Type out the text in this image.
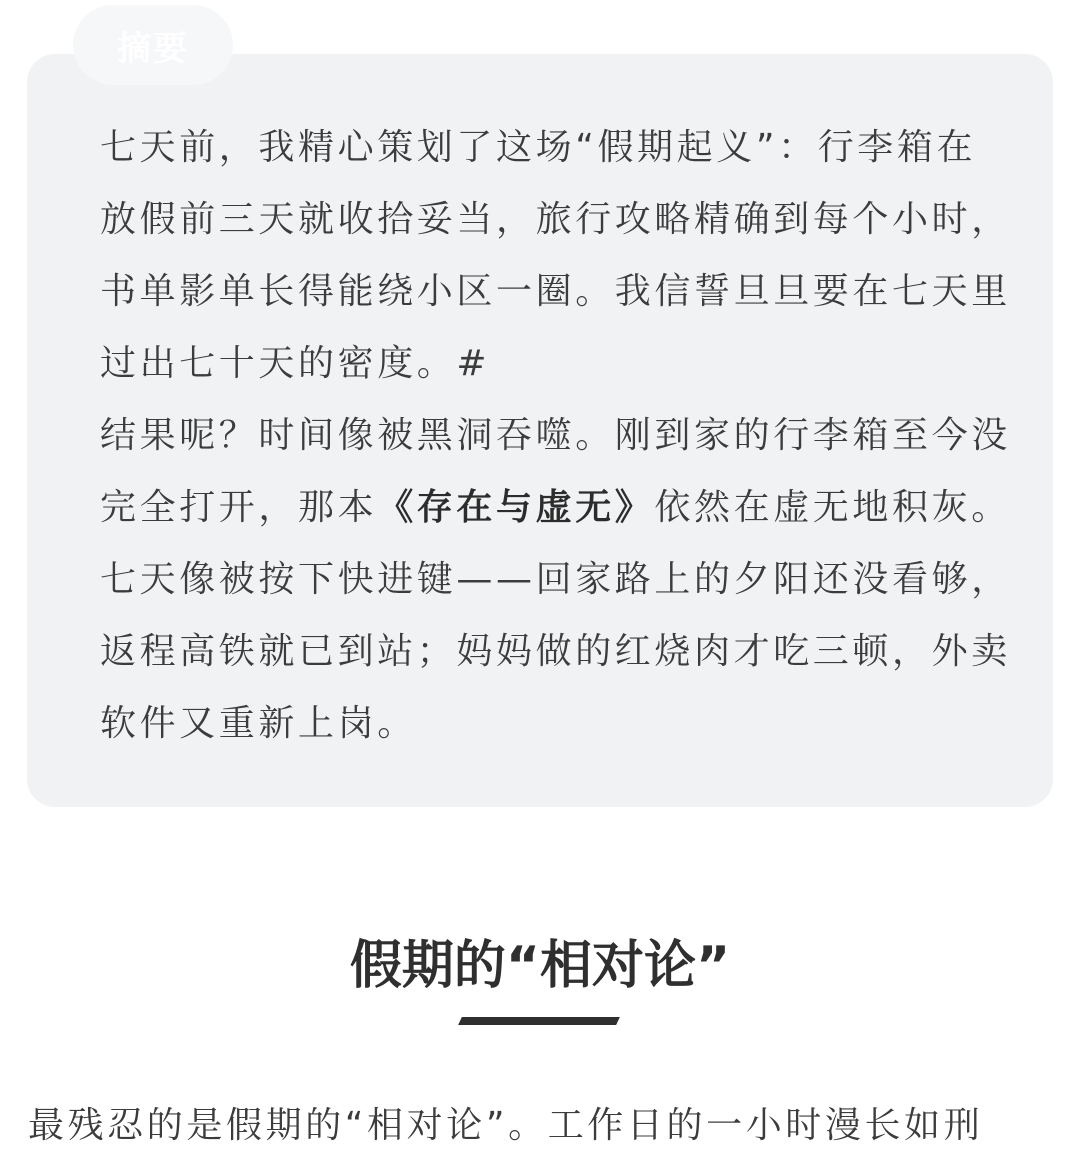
摘要

七天前，我精心策划了这场“假期起义”：行李箱在

放假前三天就收拾妥当，旅行攻略精确到每个小时，

书单影单长得能绕小区一圈。我信誓旦旦要在七天里

过出七十天的密度。#

结果呢？时间像被黑洞吞噬。刚到家的行李箱至今没

完全打开，那本《存在与虚无》依然在虚无地积灰。

七天像被按下快进键——回家路上的夕阳还没看够，

返程高铁就已到站；妈妈做的红烧肉才吃三顿，外卖

软件又重新上岗。

假期的“相对论”
最残忍的是假期的“相对论”。工作日的一小时漫长如刑
